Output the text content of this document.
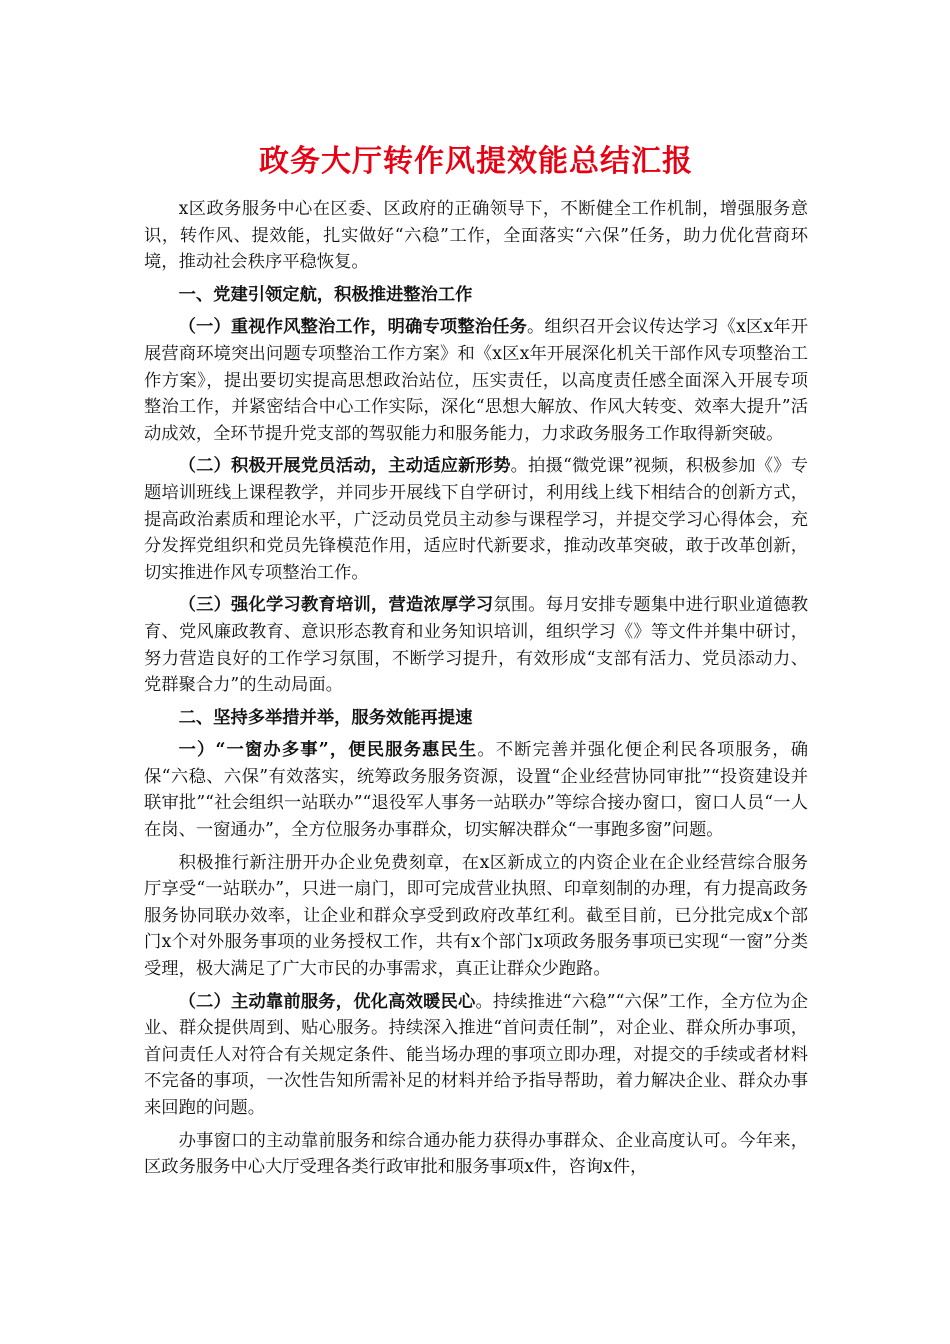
政务大厅转作风提效能总结汇报

x区政务服务中心在区委、区政府的正确领导下，不断健全工作机制，增强服务意识，转作风、提效能，扎实做好“六稳”工作，全面落实“六保”任务，助力优化营商环境，推动社会秩序平稳恢复。

一、党建引领定航，积极推进整治工作

（一）重视作风整治工作，明确专项整治任务。组织召开会议传达学习《x区x年开展营商环境突出问题专项整治工作方案》和《x区x年开展深化机关干部作风专项整治工作方案》，提出要切实提高思想政治站位，压实责任，以高度责任感全面深入开展专项整治工作，并紧密结合中心工作实际，深化“思想大解放、作风大转变、效率大提升”活动成效，全环节提升党支部的驾驭能力和服务能力，力求政务服务工作取得新突破。

（二）积极开展党员活动，主动适应新形势。拍摄“微党课”视频，积极参加《》专题培训班线上课程教学，并同步开展线下自学研讨，利用线上线下相结合的创新方式，提高政治素质和理论水平，广泛动员党员主动参与课程学习，并提交学习心得体会，充分发挥党组织和党员先锋模范作用，适应时代新要求，推动改革突破，敢于改革创新，切实推进作风专项整治工作。

（三）强化学习教育培训，营造浓厚学习氛围。每月安排专题集中进行职业道德教育、党风廉政教育、意识形态教育和业务知识培训，组织学习《》等文件并集中研讨，努力营造良好的工作学习氛围，不断学习提升，有效形成“支部有活力、党员添动力、党群聚合力”的生动局面。

二、坚持多举措并举，服务效能再提速

一）“一窗办多事”，便民服务惠民生。不断完善并强化便企利民各项服务，确保“六稳、六保”有效落实，统筹政务服务资源，设置“企业经营协同审批”“投资建设并联审批”“社会组织一站联办”“退役军人事务一站联办”等综合接办窗口，窗口人员“一人在岗、一窗通办”，全方位服务办事群众，切实解决群众“一事跑多窗”问题。

积极推行新注册开办企业免费刻章，在x区新成立的内资企业在企业经营综合服务厅享受“一站联办”，只进一扇门，即可完成营业执照、印章刻制的办理，有力提高政务服务协同联办效率，让企业和群众享受到政府改革红利。截至目前，已分批完成x个部门x个对外服务事项的业务授权工作，共有x个部门x项政务服务事项已实现“一窗”分类受理，极大满足了广大市民的办事需求，真正让群众少跑路。

（二）主动靠前服务，优化高效暖民心。持续推进“六稳”“六保”工作，全方位为企业、群众提供周到、贴心服务。持续深入推进“首问责任制”，对企业、群众所办事项，首问责任人对符合有关规定条件、能当场办理的事项立即办理，对提交的手续或者材料不完备的事项，一次性告知所需补足的材料并给予指导帮助，着力解决企业、群众办事来回跑的问题。

办事窗口的主动靠前服务和综合通办能力获得办事群众、企业高度认可。今年来，区政务服务中心大厅受理各类行政审批和服务事项x件，咨询x件，
